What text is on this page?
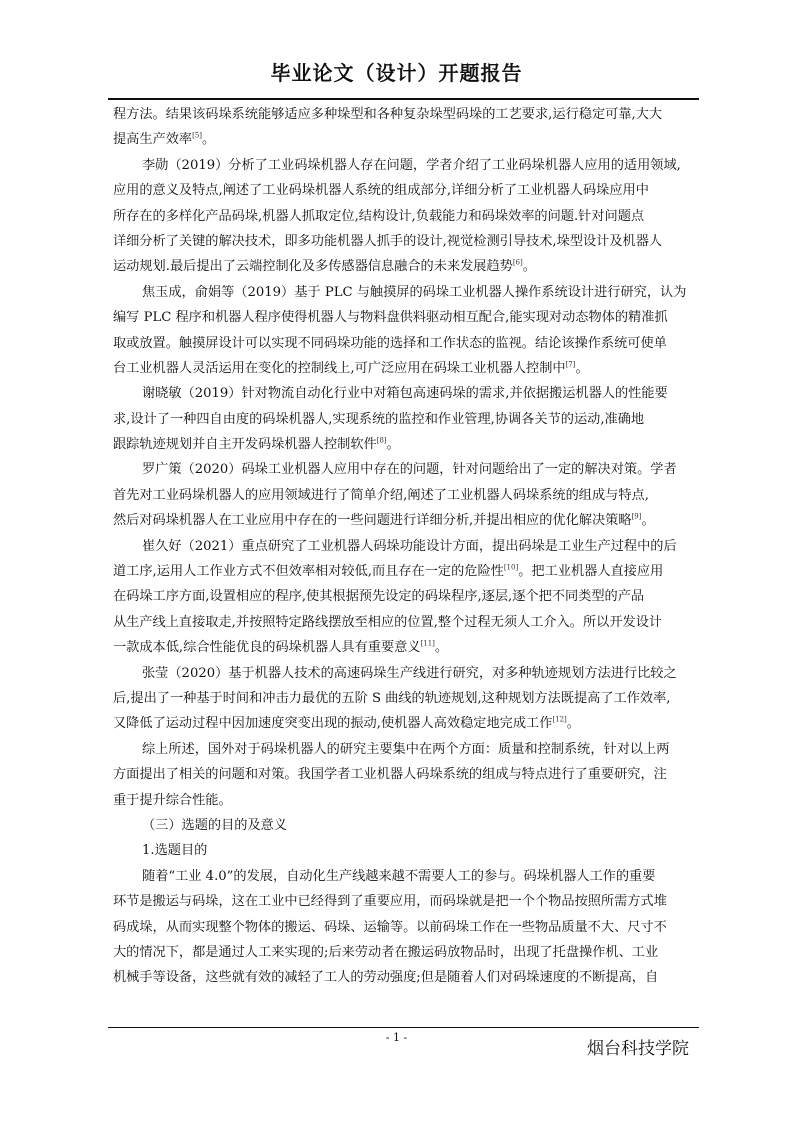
毕业论文（设计）开题报告
程方法。结果该码垛系统能够适应多种垛型和各种复杂垛型码垛的工艺要求,运行稳定可靠,大大
提高生产效率[5]。
李勋（2019）分析了工业码垛机器人存在问题，学者介绍了工业码垛机器人应用的适用领域,
应用的意义及特点,阐述了工业码垛机器人系统的组成部分,详细分析了工业机器人码垛应用中
所存在的多样化产品码垛,机器人抓取定位,结构设计,负载能力和码垛效率的问题.针对问题点
详细分析了关键的解决技术，即多功能机器人抓手的设计,视觉检测引导技术,垛型设计及机器人
运动规划.最后提出了云端控制化及多传感器信息融合的未来发展趋势[6]。
焦玉成，俞娟等（2019）基于 PLC 与触摸屏的码垛工业机器人操作系统设计进行研究，认为
编写 PLC 程序和机器人程序使得机器人与物料盘供料驱动相互配合,能实现对动态物体的精准抓
取或放置。触摸屏设计可以实现不同码垛功能的选择和工作状态的监视。结论该操作系统可使单
台工业机器人灵活运用在变化的控制线上,可广泛应用在码垛工业机器人控制中[7]。
谢晓敏（2019）针对物流自动化行业中对箱包高速码垛的需求,并依据搬运机器人的性能要
求,设计了一种四自由度的码垛机器人,实现系统的监控和作业管理,协调各关节的运动,准确地
跟踪轨迹规划并自主开发码垛机器人控制软件[8]。
罗广策（2020）码垛工业机器人应用中存在的问题，针对问题给出了一定的解决对策。学者
首先对工业码垛机器人的应用领域进行了简单介绍,阐述了工业机器人码垛系统的组成与特点,
然后对码垛机器人在工业应用中存在的一些问题进行详细分析,并提出相应的优化解决策略[9]。
崔久好（2021）重点研究了工业机器人码垛功能设计方面，提出码垛是工业生产过程中的后
道工序,运用人工作业方式不但效率相对较低,而且存在一定的危险性[10]。把工业机器人直接应用
在码垛工序方面,设置相应的程序,使其根据预先设定的码垛程序,逐层,逐个把不同类型的产品
从生产线上直接取走,并按照特定路线摆放至相应的位置,整个过程无须人工介入。所以开发设计
一款成本低,综合性能优良的码垛机器人具有重要意义[11]。
张莹（2020）基于机器人技术的高速码垛生产线进行研究，对多种轨迹规划方法进行比较之
后,提出了一种基于时间和冲击力最优的五阶 S 曲线的轨迹规划,这种规划方法既提高了工作效率,
又降低了运动过程中因加速度突变出现的振动,使机器人高效稳定地完成工作[12]。
综上所述，国外对于码垛机器人的研究主要集中在两个方面：质量和控制系统，针对以上两
方面提出了相关的问题和对策。我国学者工业机器人码垛系统的组成与特点进行了重要研究，注
重于提升综合性能。
（三）选题的目的及意义
1.选题目的
随着“工业 4.0”的发展，自动化生产线越来越不需要人工的参与。码垛机器人工作的重要
环节是搬运与码垛，这在工业中已经得到了重要应用，而码垛就是把一个个物品按照所需方式堆
码成垛，从而实现整个物体的搬运、码垛、运输等。以前码垛工作在一些物品质量不大、尺寸不
大的情况下，都是通过人工来实现的;后来劳动者在搬运码放物品时，出现了托盘操作机、工业
机械手等设备，这些就有效的减轻了工人的劳动强度;但是随着人们对码垛速度的不断提高，自
- 1 -
烟台科技学院
